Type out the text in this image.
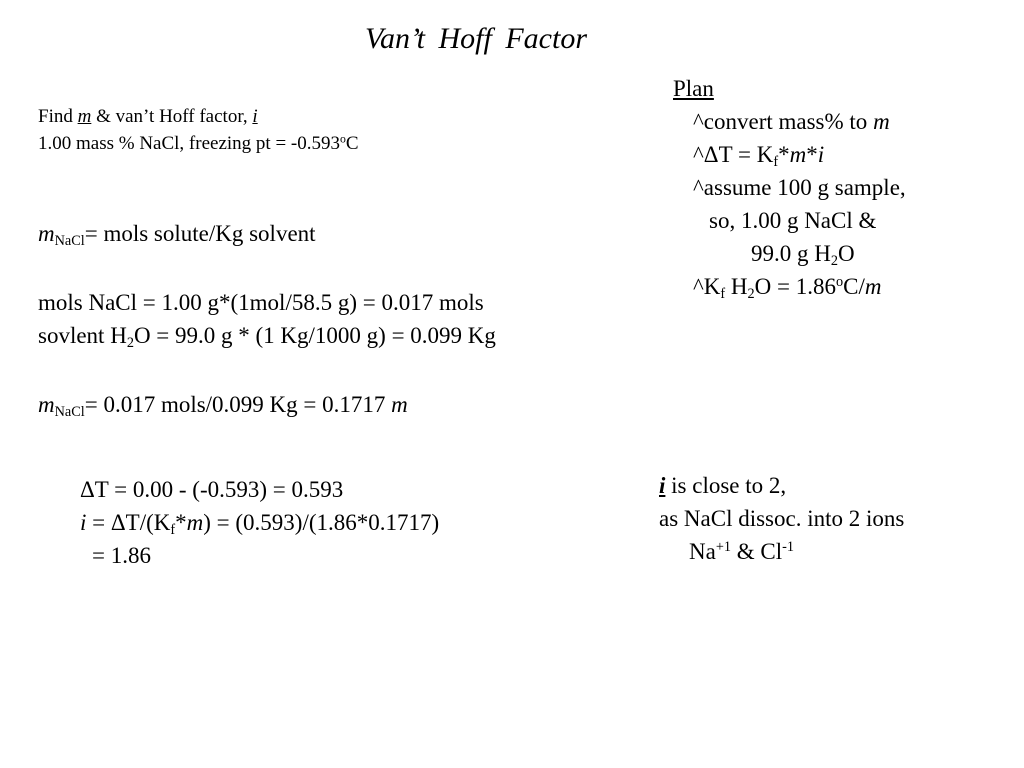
Van’t Hoff Factor
Find m & van’t Hoff factor, i
1.00 mass % NaCl, freezing pt = $-0.593^oC$
$m_{NaCl}=$ mols solute/Kg solvent
mols NaCl = 1.00 g*(1mol/58.5 g) = 0.017 mols
sovlent $H_2O = 99.0$ g * (1 Kg/1000 g) = 0.099 Kg
$m_{NaCl}= 0.017$ mols/0.099 Kg = 0.1717 m
ΔT = 0.00 - (-0.593) = 0.593
$i = \Delta T/(K_f*m) = (0.593)/(1.86*0.1717)$
= 1.86
Plan
^convert mass% to m
^ΔT = $K_f*m*i$
^assume 100 g sample,
so, 1.00 g NaCl &
99.0 g $H_2O$
$\^{}K_f$ $H_2O = 1.86^oC/m$
i is close to 2,
as NaCl dissoc. into 2 ions
$Na^{+1}$ & $Cl^{-1}$
